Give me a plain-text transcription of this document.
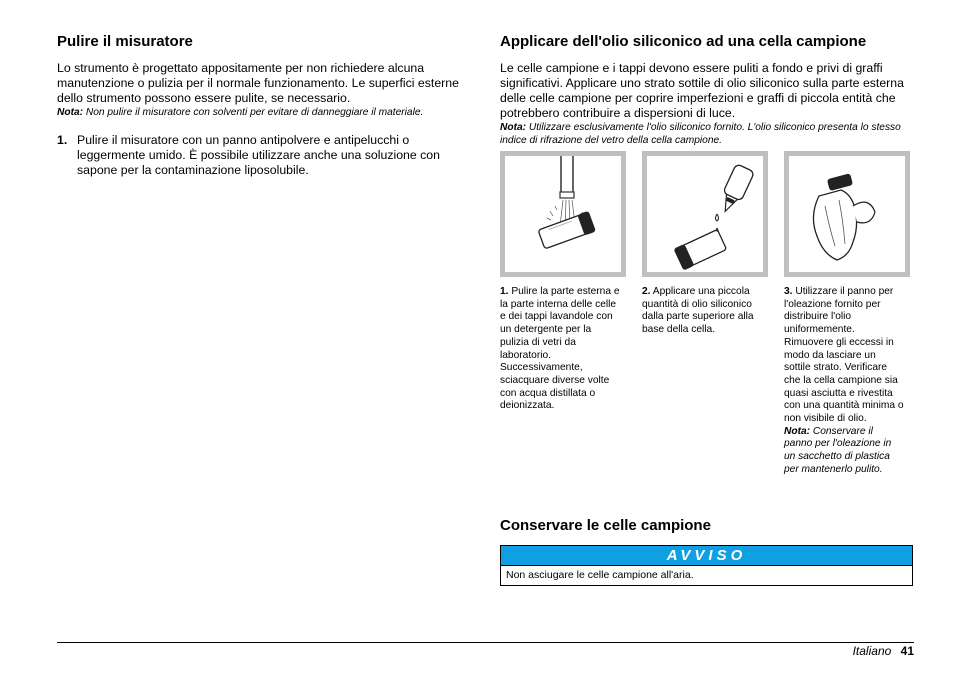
Pulire il misuratore

Lo strumento è progettato appositamente per non richiedere alcuna manutenzione o pulizia per il normale funzionamento. Le superfici esterne dello strumento possono essere pulite, se necessario.

Nota: Non pulire il misuratore con solventi per evitare di danneggiare il materiale.

1. Pulire il misuratore con un panno antipolvere e antipelucchi o leggermente umido. È possibile utilizzare anche una soluzione con sapone per la contaminazione liposolubile.
Applicare dell'olio siliconico ad una cella campione

Le celle campione e i tappi devono essere puliti a fondo e privi di graffi significativi. Applicare uno strato sottile di olio siliconico sulla parte esterna delle celle campione per coprire imperfezioni e graffi di piccola entità che potrebbero contribuire a dispersioni di luce.

Nota: Utilizzare esclusivamente l'olio siliconico fornito. L'olio siliconico presenta lo stesso indice di rifrazione del vetro della cella campione.

1. Pulire la parte esterna e la parte interna delle celle e dei tappi lavandole con un detergente per la pulizia di vetri da laboratorio. Successivamente, sciacquare diverse volte con acqua distillata o deionizzata.
2. Applicare una piccola quantità di olio siliconico dalla parte superiore alla base della cella.
3. Utilizzare il panno per l'oleazione fornito per distribuire l'olio uniformemente. Rimuovere gli eccessi in modo da lasciare un sottile strato. Verificare che la cella campione sia quasi asciutta e rivestita con una quantità minima o non visibile di olio.
Nota: Conservare il panno per l'oleazione in un sacchetto di plastica per mantenerlo pulito.
Conservare le celle campione
AVVISO
Non asciugare le celle campione all'aria.
Italiano 41
